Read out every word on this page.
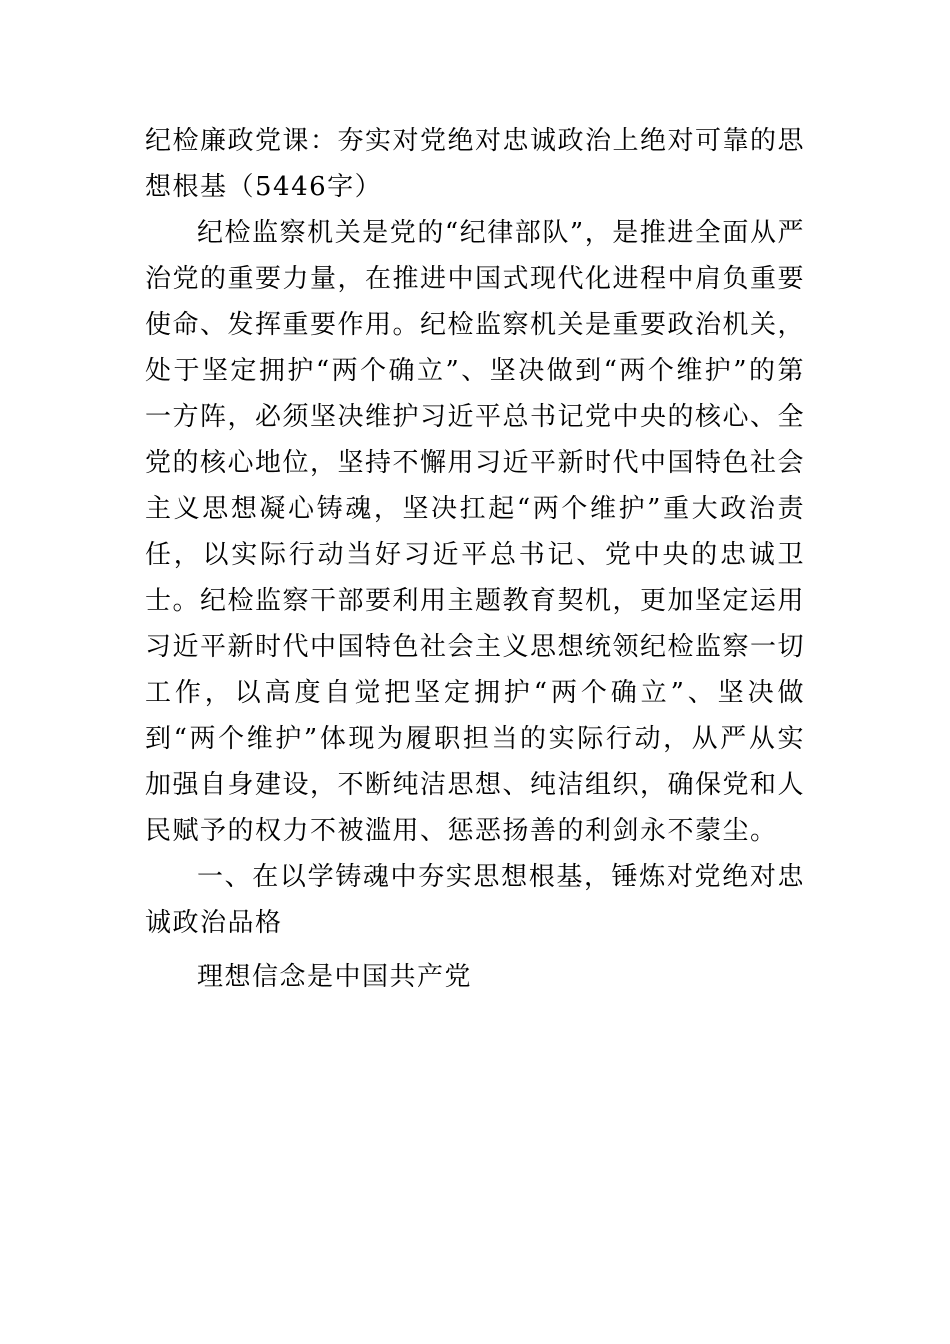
纪检廉政党课：夯实对党绝对忠诚政治上绝对可靠的思想根基（5446字）

纪检监察机关是党的“纪律部队”，是推进全面从严治党的重要力量，在推进中国式现代化进程中肩负重要使命、发挥重要作用。纪检监察机关是重要政治机关，处于坚定拥护“两个确立”、坚决做到“两个维护”的第一方阵，必须坚决维护习近平总书记党中央的核心、全党的核心地位，坚持不懈用习近平新时代中国特色社会主义思想凝心铸魂，坚决扛起“两个维护”重大政治责任，以实际行动当好习近平总书记、党中央的忠诚卫士。纪检监察干部要利用主题教育契机，更加坚定运用习近平新时代中国特色社会主义思想统领纪检监察一切工作，以高度自觉把坚定拥护“两个确立”、坚决做到“两个维护”体现为履职担当的实际行动，从严从实加强自身建设，不断纯洁思想、纯洁组织，确保党和人民赋予的权力不被滥用、惩恶扬善的利剑永不蒙尘。

一、在以学铸魂中夯实思想根基，锤炼对党绝对忠诚政治品格

理想信念是中国共产党
